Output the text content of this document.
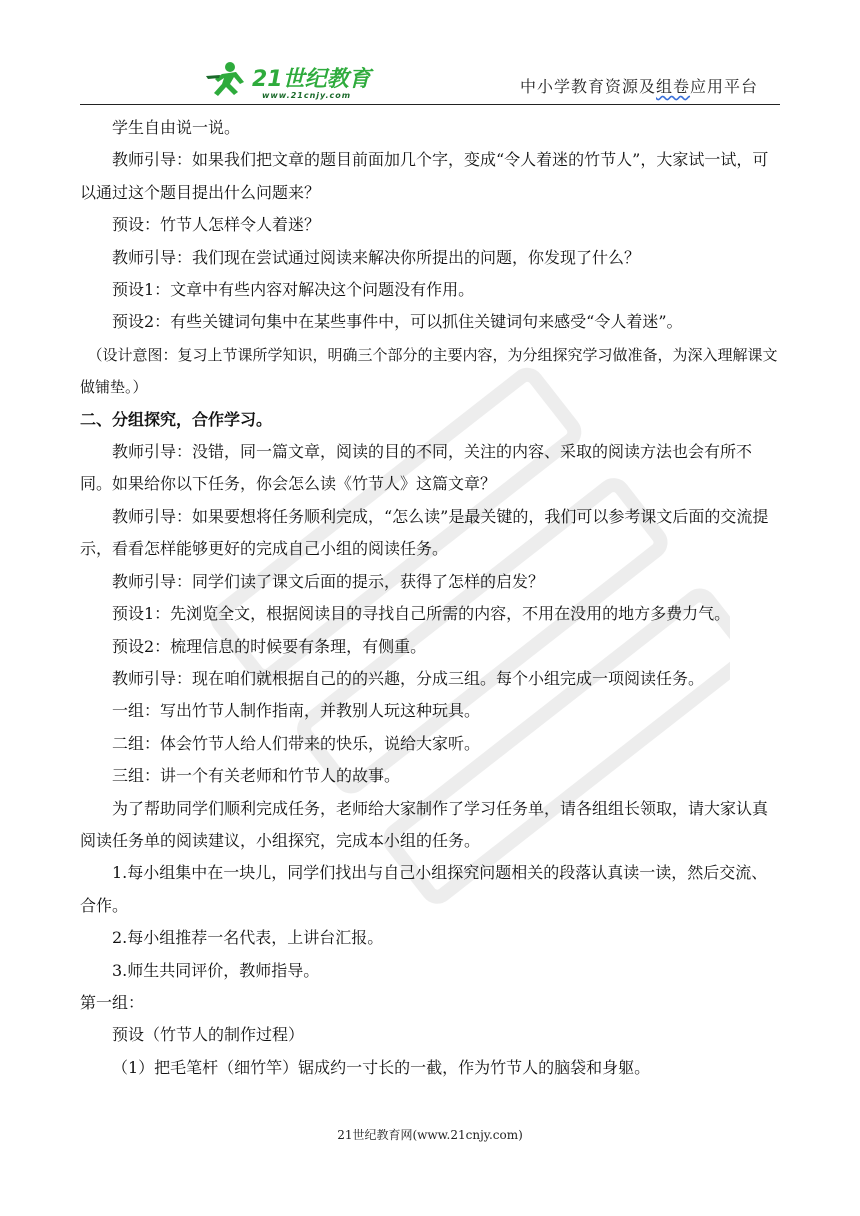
21世纪教育
www.21cnjy.com	中小学教育资源及组卷应用平台

学生自由说一说。

教师引导：如果我们把文章的题目前面加几个字，变成“令人着迷的竹节人”，大家试一试，可以通过这个题目提出什么问题来？

预设：竹节人怎样令人着迷？

教师引导：我们现在尝试通过阅读来解决你所提出的问题，你发现了什么？

预设1：文章中有些内容对解决这个问题没有作用。

预设2：有些关键词句集中在某些事件中，可以抓住关键词句来感受“令人着迷”。

（设计意图：复习上节课所学知识，明确三个部分的主要内容，为分组探究学习做准备，为深入理解课文做铺垫。）

二、分组探究，合作学习。

教师引导：没错，同一篇文章，阅读的目的不同，关注的内容、采取的阅读方法也会有所不同。如果给你以下任务，你会怎么读《竹节人》这篇文章？

教师引导：如果要想将任务顺利完成，“怎么读”是最关键的，我们可以参考课文后面的交流提示，看看怎样能够更好的完成自己小组的阅读任务。

教师引导：同学们读了课文后面的提示，获得了怎样的启发？

预设1：先浏览全文，根据阅读目的寻找自己所需的内容，不用在没用的地方多费力气。

预设2：梳理信息的时候要有条理，有侧重。

教师引导：现在咱们就根据自己的的兴趣，分成三组。每个小组完成一项阅读任务。

一组：写出竹节人制作指南，并教别人玩这种玩具。

二组：体会竹节人给人们带来的快乐，说给大家听。

三组：讲一个有关老师和竹节人的故事。

为了帮助同学们顺利完成任务，老师给大家制作了学习任务单，请各组组长领取，请大家认真阅读任务单的阅读建议，小组探究，完成本小组的任务。

1.每小组集中在一块儿，同学们找出与自己小组探究问题相关的段落认真读一读，然后交流、合作。

2.每小组推荐一名代表，上讲台汇报。

3.师生共同评价，教师指导。

第一组：

预设（竹节人的制作过程）

（1）把毛笔杆（细竹竿）锯成约一寸长的一截，作为竹节人的脑袋和身躯。

21世纪教育网(www.21cnjy.com)
